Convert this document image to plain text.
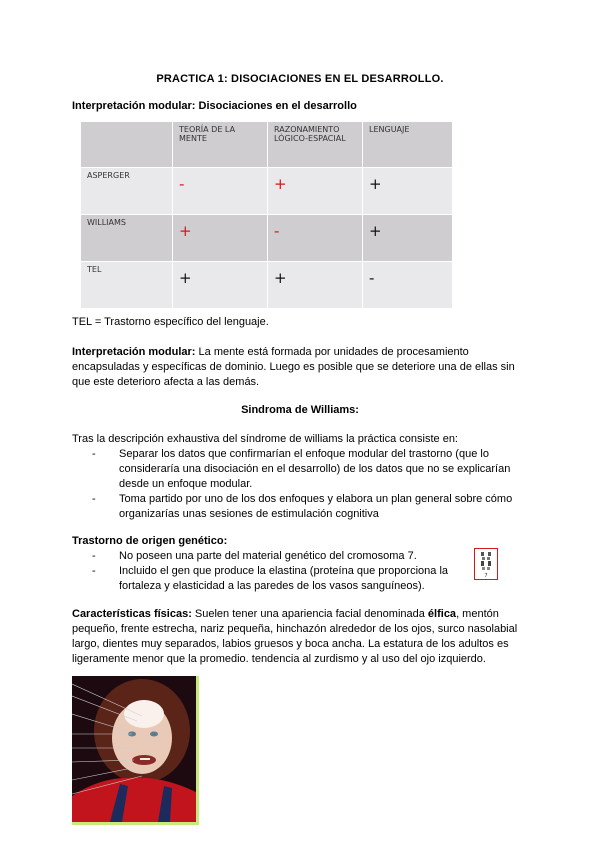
PRACTICA 1: DISOCIACIONES EN EL DESARROLLO.
Interpretación modular: Disociaciones en el desarrollo
	TEORÍA DE LA MENTE	RAZONAMIENTO LÓGICO-ESPACIAL	LENGUAJE
ASPERGER	-	+	+
WILLIAMS	+	-	+
TEL	+	+	-
TEL = Trastorno específico del lenguaje.
Interpretación modular: La mente está formada por unidades de procesamiento encapsuladas y específicas de dominio. Luego es posible que se deteriore una de ellas sin que este deterioro afecta a las demás.
Sindroma de Williams:
Tras la descripción exhaustiva del síndrome de williams la práctica consiste en:
- Separar los datos que confirmarían el enfoque modular del trastorno (que lo consideraría una disociación en el desarrollo) de los datos que no se explicarían desde un enfoque modular.
- Toma partido por uno de los dos enfoques y elabora un plan general sobre cómo organizarías unas sesiones de estimulación cognitiva
Trastorno de origen genético:
- No poseen una parte del material genético del cromosoma 7.
- Incluido el gen que produce la elastina (proteína que proporciona la fortaleza y elasticidad a las paredes de los vasos sanguíneos).
7
Características físicas: Suelen tener una apariencia facial denominada élfica, mentón pequeño, frente estrecha, nariz pequeña, hinchazón alrededor de los ojos, surco nasolabial largo, dientes muy separados, labios gruesos y boca ancha. La estatura de los adultos es ligeramente menor que la promedio. tendencia al zurdismo y al uso del ojo izquierdo.
